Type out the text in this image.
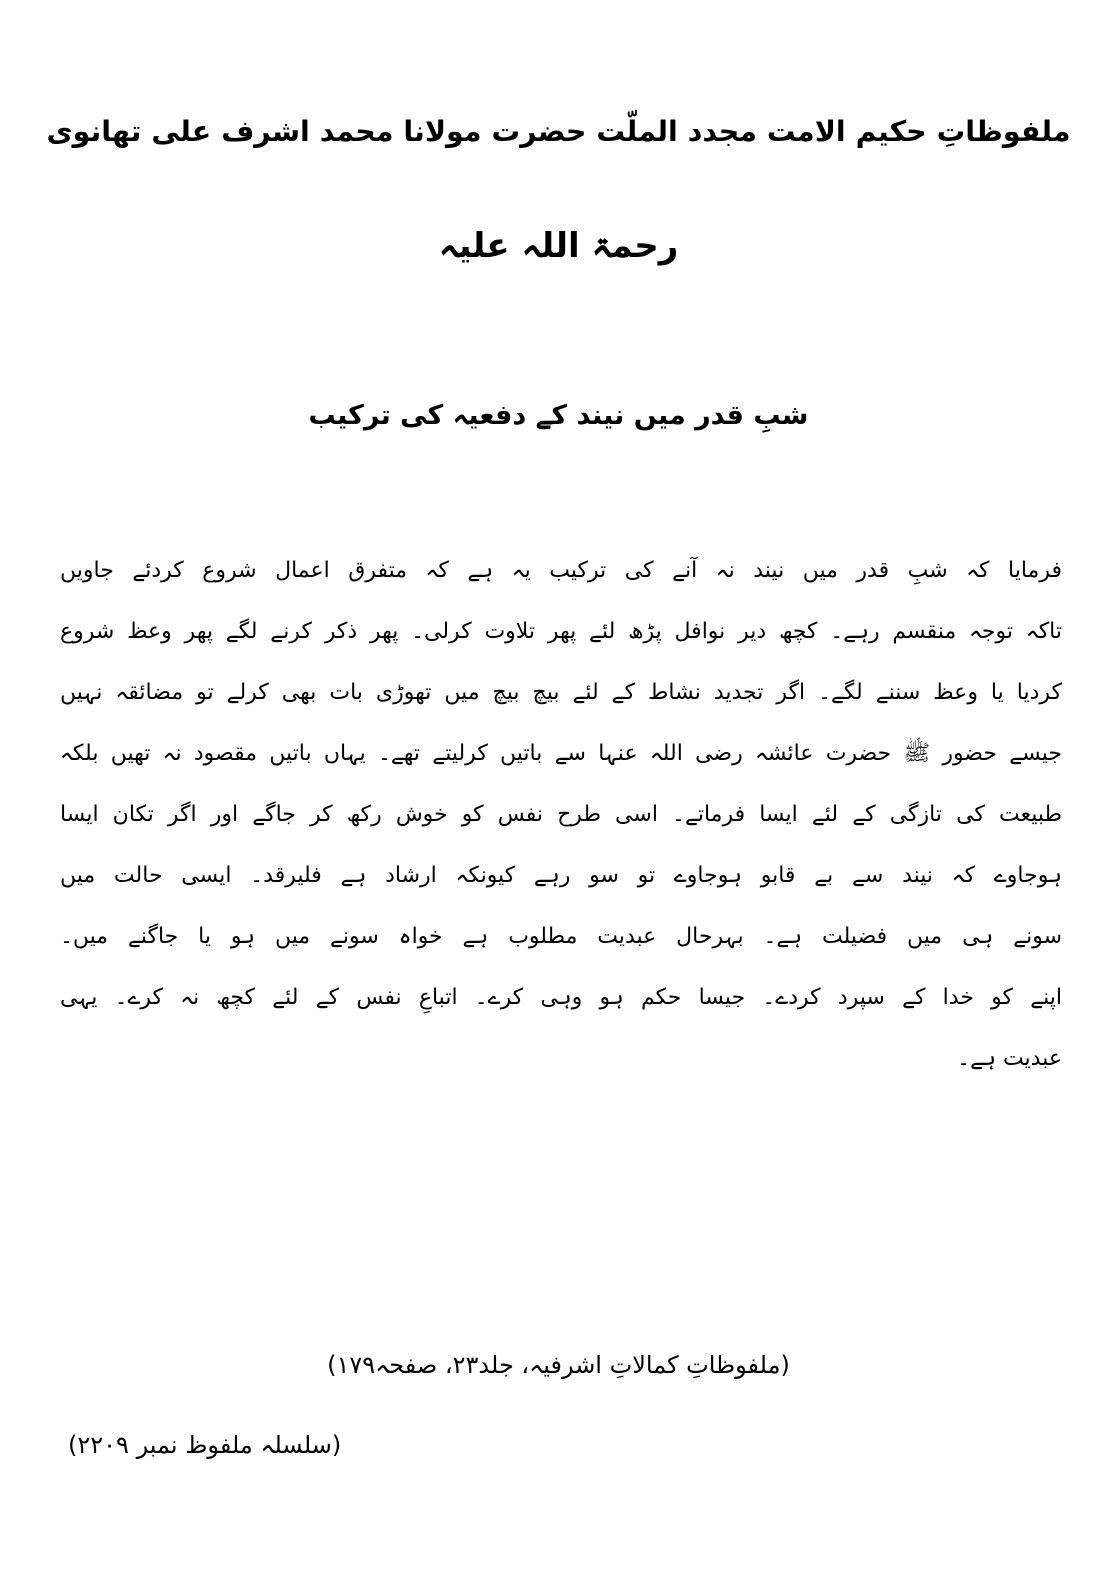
ملفوظاتِ حکیم الامت مجدد الملّت حضرت مولانا محمد اشرف علی تھانوی
رحمۃ اللہ علیہ
شبِ قدر میں نیند کے دفعیہ کی ترکیب
فرمایا کہ شبِ قدر میں نیند نہ آنے کی ترکیب یہ ہے کہ متفرق اعمال شروع کردئے جاویں
تاکہ توجہ منقسم رہے۔ کچھ دیر نوافل پڑھ لئے پھر تلاوت کرلی۔ پھر ذکر کرنے لگے پھر وعظ شروع
کردیا یا وعظ سننے لگے۔ اگر تجدید نشاط کے لئے بیچ بیچ میں تھوڑی بات بھی کرلے تو مضائقہ نہیں
جیسے حضور ﷺ حضرت عائشہ رضی اللہ عنہا سے باتیں کرلیتے تھے۔ یہاں باتیں مقصود نہ تھیں بلکہ
طبیعت کی تازگی کے لئے ایسا فرماتے۔ اسی طرح نفس کو خوش رکھ کر جاگے اور اگر تکان ایسا
ہوجاوے کہ نیند سے بے قابو ہوجاوے تو سو رہے کیونکہ ارشاد ہے فلیرقد۔ ایسی حالت میں
سونے ہی میں فضیلت ہے۔ بہرحال عبدیت مطلوب ہے خواہ سونے میں ہو یا جاگنے میں۔
اپنے کو خدا کے سپرد کردے۔ جیسا حکم ہو وہی کرے۔ اتباعِ نفس کے لئے کچھ نہ کرے۔ یہی
عبدیت ہے۔
(ملفوظاتِ کمالاتِ اشرفیہ، جلد۲۳، صفحہ۱۷۹)
(سلسلہ ملفوظ نمبر ۲۲۰۹)
